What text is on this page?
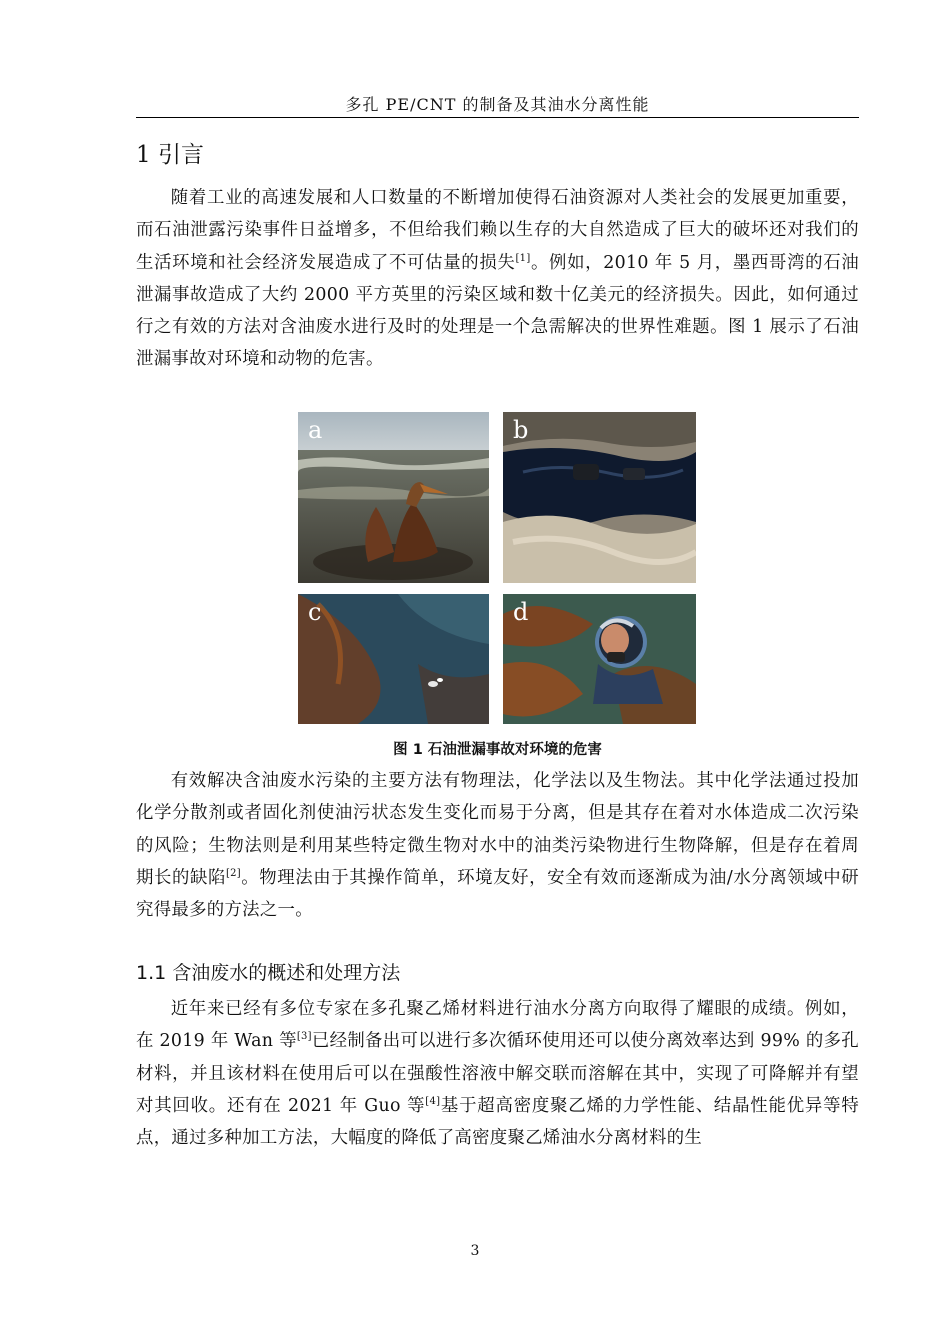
多孔 PE/CNT 的制备及其油水分离性能
1 引言

随着工业的高速发展和人口数量的不断增加使得石油资源对人类社会的发展更加重要，而石油泄露污染事件日益增多，不但给我们赖以生存的大自然造成了巨大的破坏还对我们的生活环境和社会经济发展造成了不可估量的损失[1]。例如，2010 年 5 月，墨西哥湾的石油泄漏事故造成了大约 2000 平方英里的污染区域和数十亿美元的经济损失。因此，如何通过行之有效的方法对含油废水进行及时的处理是一个急需解决的世界性难题。图 1 展示了石油泄漏事故对环境和动物的危害。

a	b
c	d
图 1 石油泄漏事故对环境的危害

有效解决含油废水污染的主要方法有物理法，化学法以及生物法。其中化学法通过投加化学分散剂或者固化剂使油污状态发生变化而易于分离，但是其存在着对水体造成二次污染的风险；生物法则是利用某些特定微生物对水中的油类污染物进行生物降解，但是存在着周期长的缺陷[2]。物理法由于其操作简单，环境友好，安全有效而逐渐成为油/水分离领域中研究得最多的方法之一。

1.1 含油废水的概述和处理方法

近年来已经有多位专家在多孔聚乙烯材料进行油水分离方向取得了耀眼的成绩。例如，在 2019 年 Wan 等[3]已经制备出可以进行多次循环使用还可以使分离效率达到 99% 的多孔材料，并且该材料在使用后可以在强酸性溶液中解交联而溶解在其中，实现了可降解并有望对其回收。还有在 2021 年 Guo 等[4]基于超高密度聚乙烯的力学性能、结晶性能优异等特点，通过多种加工方法，大幅度的降低了高密度聚乙烯油水分离材料的生

3
